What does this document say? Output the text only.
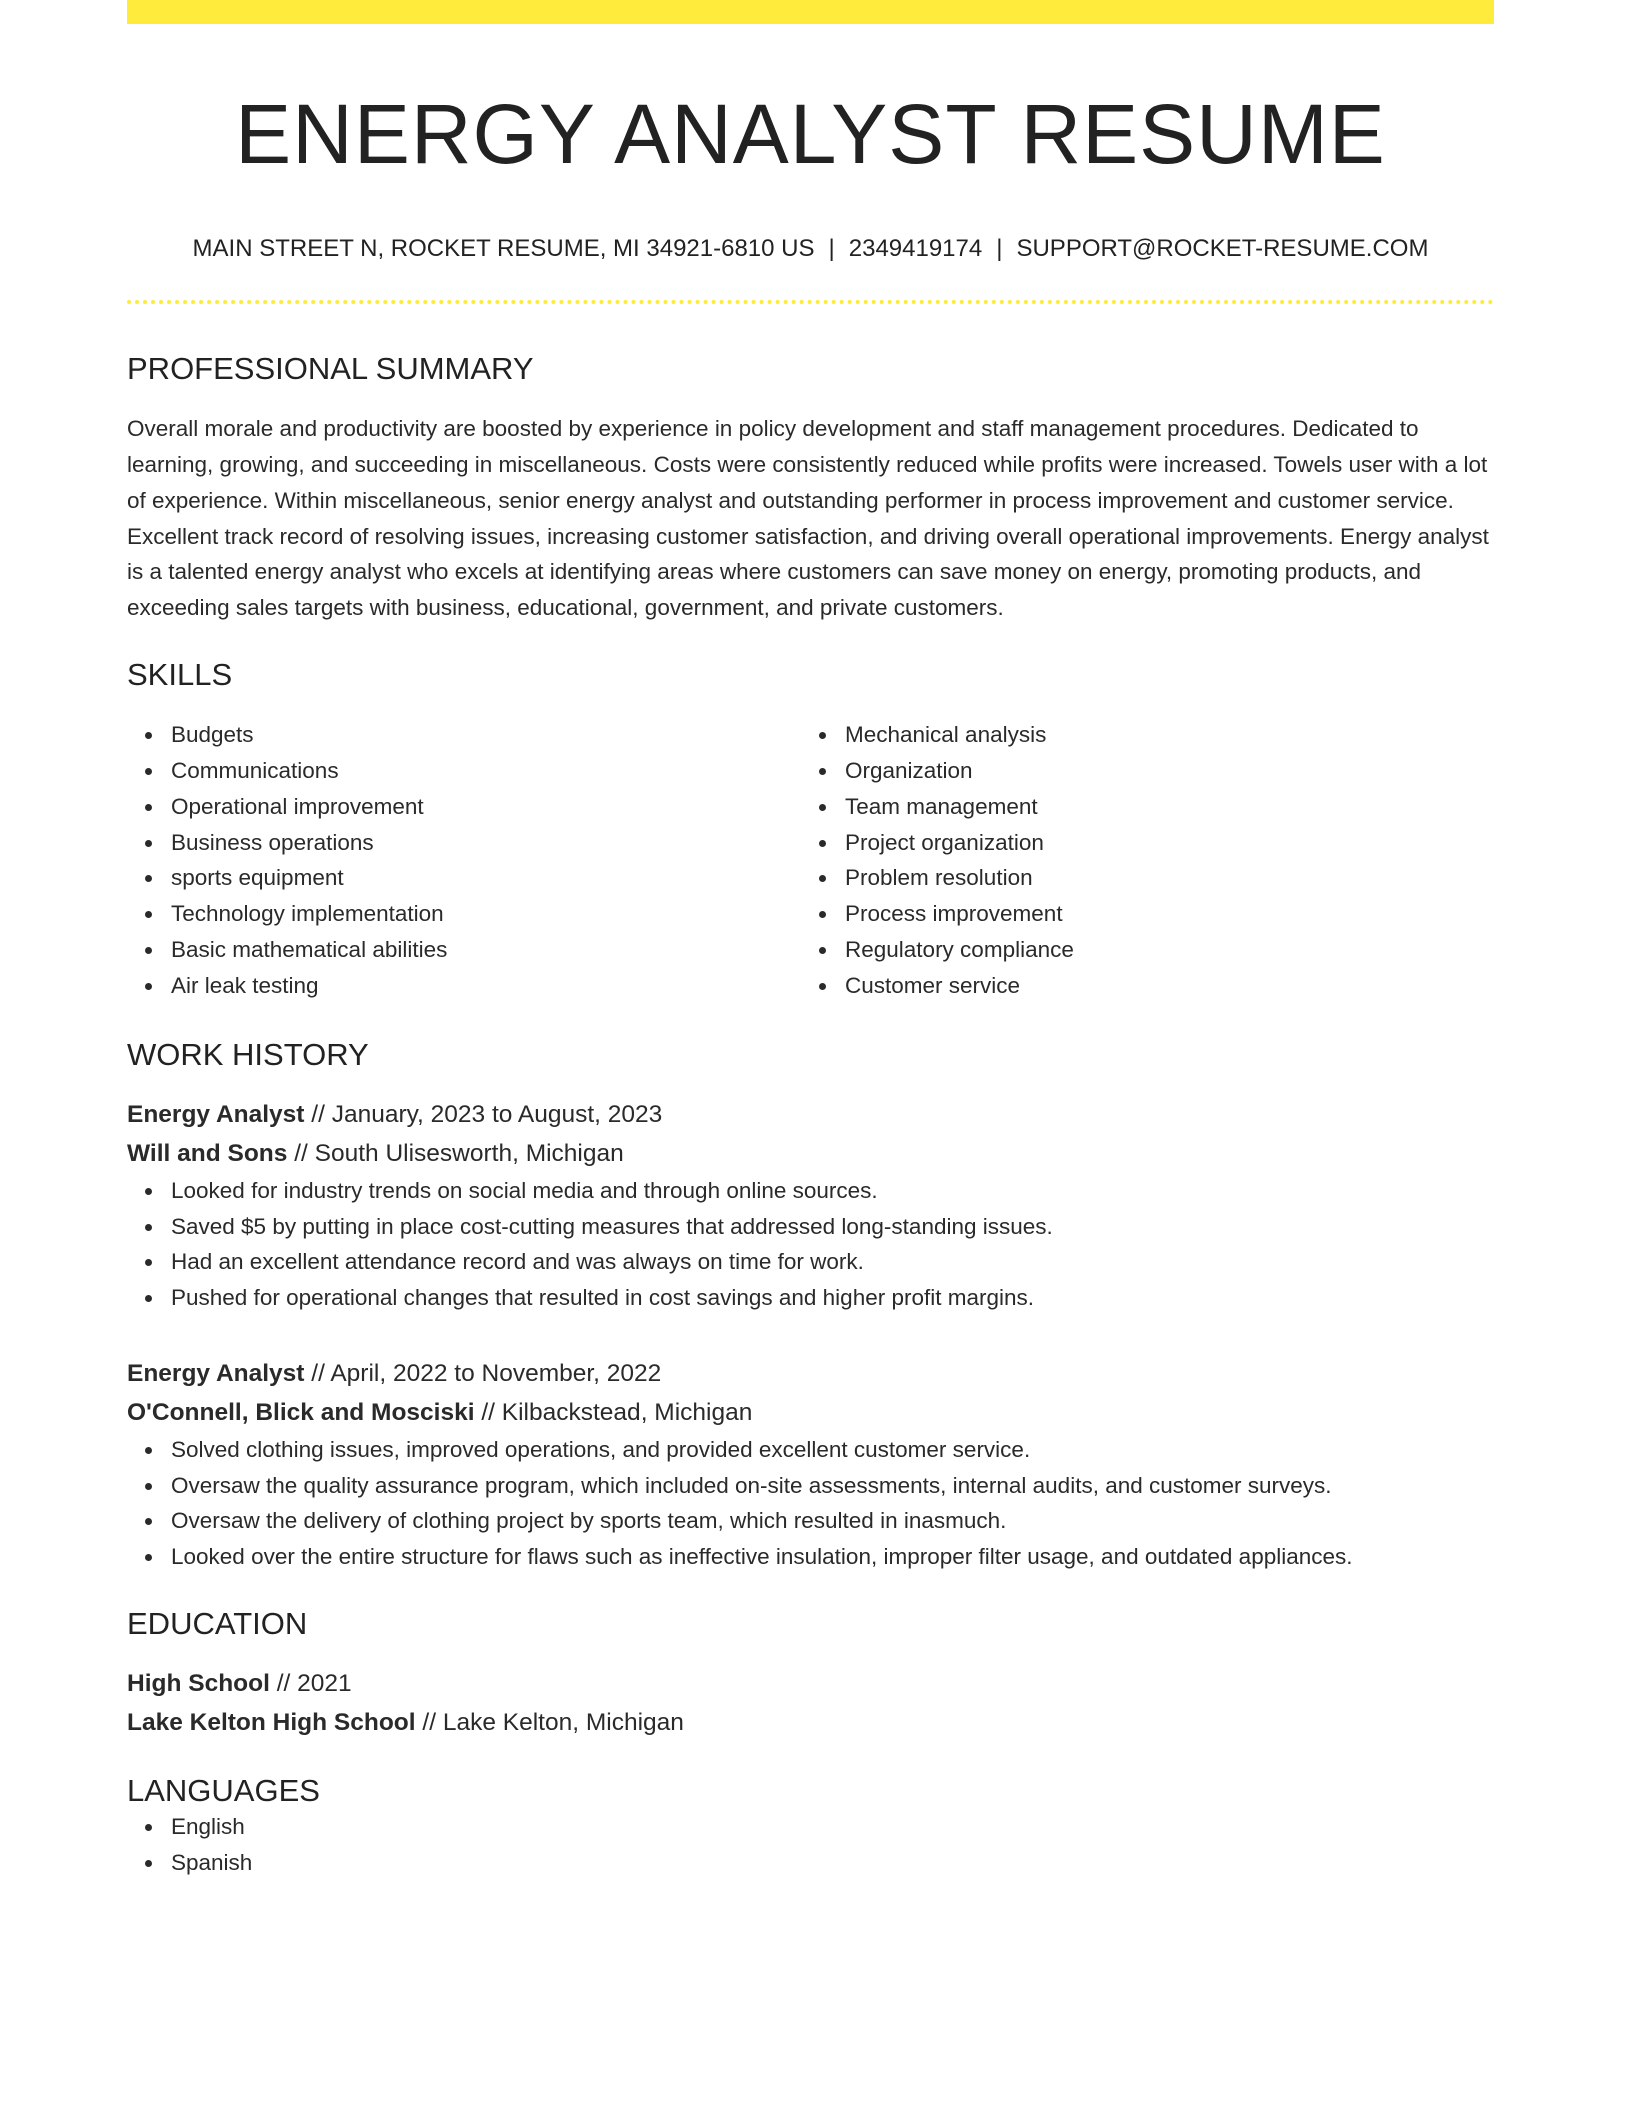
ENERGY ANALYST RESUME
MAIN STREET N, ROCKET RESUME, MI 34921-6810 US | 2349419174 | SUPPORT@ROCKET-RESUME.COM
PROFESSIONAL SUMMARY
Overall morale and productivity are boosted by experience in policy development and staff management procedures. Dedicated to learning, growing, and succeeding in miscellaneous. Costs were consistently reduced while profits were increased. Towels user with a lot of experience. Within miscellaneous, senior energy analyst and outstanding performer in process improvement and customer service. Excellent track record of resolving issues, increasing customer satisfaction, and driving overall operational improvements. Energy analyst is a talented energy analyst who excels at identifying areas where customers can save money on energy, promoting products, and exceeding sales targets with business, educational, government, and private customers.
SKILLS
Budgets
Communications
Operational improvement
Business operations
sports equipment
Technology implementation
Basic mathematical abilities
Air leak testing
Mechanical analysis
Organization
Team management
Project organization
Problem resolution
Process improvement
Regulatory compliance
Customer service
WORK HISTORY
Energy Analyst // January, 2023 to August, 2023
Will and Sons // South Ulisesworth, Michigan
Looked for industry trends on social media and through online sources.
Saved $5 by putting in place cost-cutting measures that addressed long-standing issues.
Had an excellent attendance record and was always on time for work.
Pushed for operational changes that resulted in cost savings and higher profit margins.
Energy Analyst // April, 2022 to November, 2022
O'Connell, Blick and Mosciski // Kilbackstead, Michigan
Solved clothing issues, improved operations, and provided excellent customer service.
Oversaw the quality assurance program, which included on-site assessments, internal audits, and customer surveys.
Oversaw the delivery of clothing project by sports team, which resulted in inasmuch.
Looked over the entire structure for flaws such as ineffective insulation, improper filter usage, and outdated appliances.
EDUCATION
High School // 2021
Lake Kelton High School // Lake Kelton, Michigan
LANGUAGES
English
Spanish
